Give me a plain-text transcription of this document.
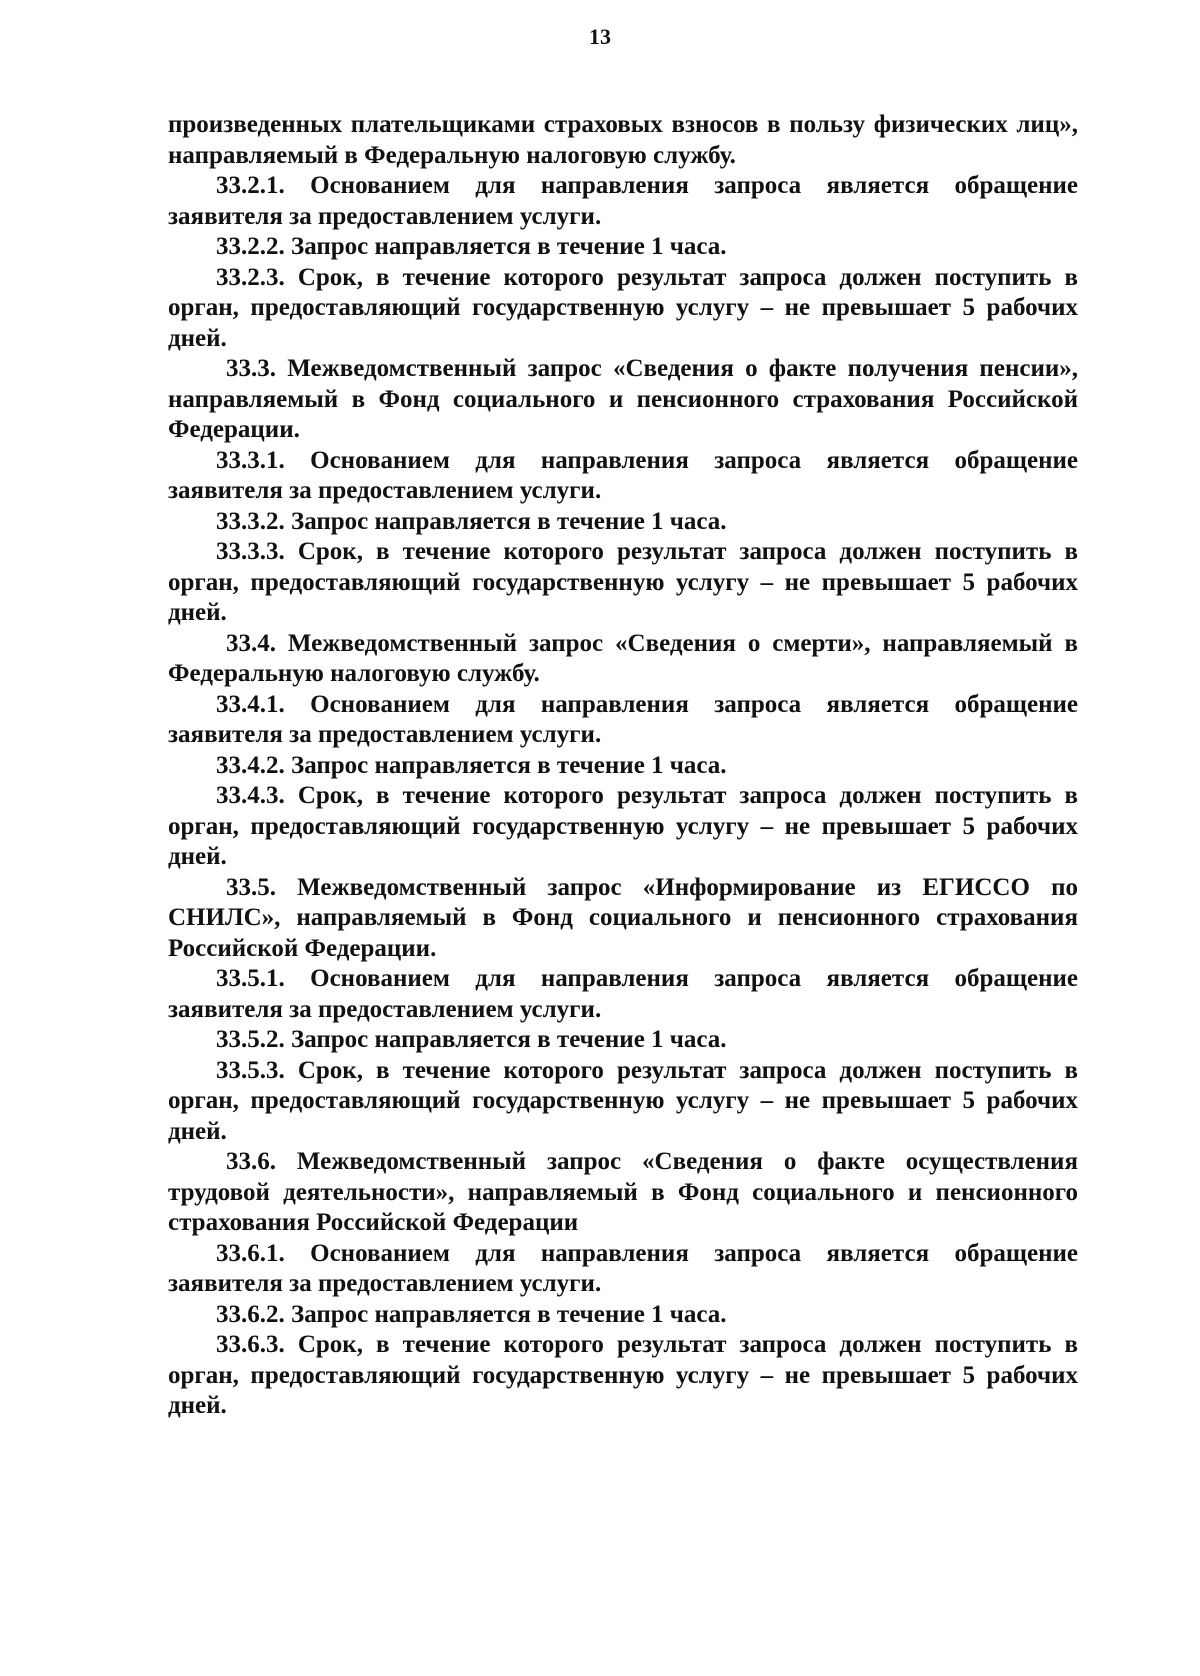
13

произведенных плательщиками страховых взносов в пользу физических лиц», направляемый в Федеральную налоговую службу.

33.2.1. Основанием для направления запроса является обращение заявителя за предоставлением услуги.

33.2.2. Запрос направляется в течение 1 часа.

33.2.3. Срок, в течение которого результат запроса должен поступить в орган, предоставляющий государственную услугу – не превышает 5 рабочих дней.

33.3. Межведомственный запрос «Сведения о факте получения пенсии», направляемый в Фонд социального и пенсионного страхования Российской Федерации.

33.3.1. Основанием для направления запроса является обращение заявителя за предоставлением услуги.

33.3.2. Запрос направляется в течение 1 часа.

33.3.3. Срок, в течение которого результат запроса должен поступить в орган, предоставляющий государственную услугу – не превышает 5 рабочих дней.

33.4. Межведомственный запрос «Сведения о смерти», направляемый в Федеральную налоговую службу.

33.4.1. Основанием для направления запроса является обращение заявителя за предоставлением услуги.

33.4.2. Запрос направляется в течение 1 часа.

33.4.3. Срок, в течение которого результат запроса должен поступить в орган, предоставляющий государственную услугу – не превышает 5 рабочих дней.

33.5. Межведомственный запрос «Информирование из ЕГИССО по СНИЛС», направляемый в Фонд социального и пенсионного страхования Российской Федерации.

33.5.1. Основанием для направления запроса является обращение заявителя за предоставлением услуги.

33.5.2. Запрос направляется в течение 1 часа.

33.5.3. Срок, в течение которого результат запроса должен поступить в орган, предоставляющий государственную услугу – не превышает 5 рабочих дней.

33.6. Межведомственный запрос «Сведения о факте осуществления трудовой деятельности», направляемый в Фонд социального и пенсионного страхования Российской Федерации

33.6.1. Основанием для направления запроса является обращение заявителя за предоставлением услуги.

33.6.2. Запрос направляется в течение 1 часа.

33.6.3. Срок, в течение которого результат запроса должен поступить в орган, предоставляющий государственную услугу – не превышает 5 рабочих дней.
